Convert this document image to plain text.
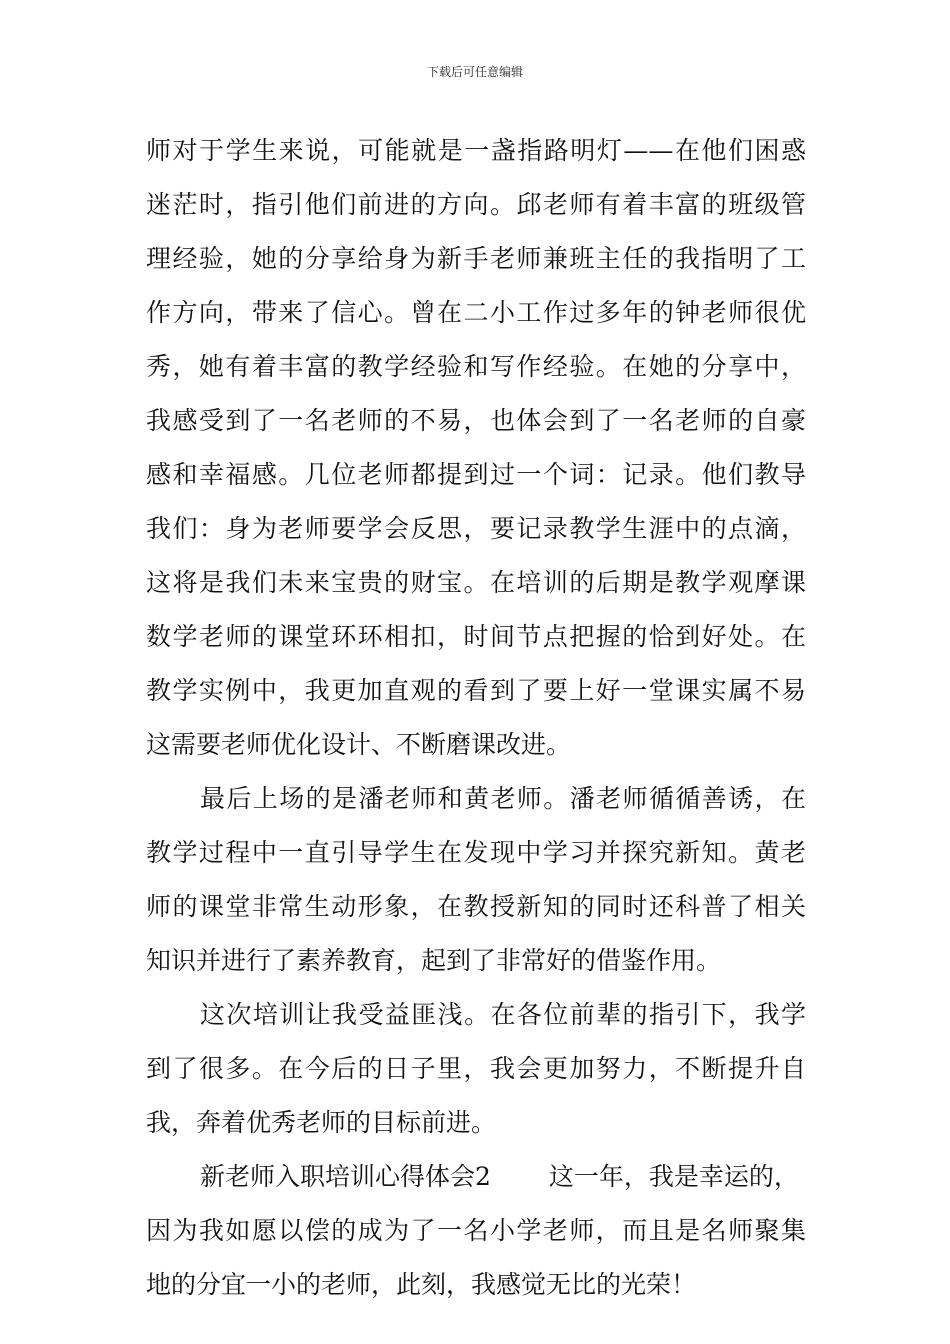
下载后可任意编辑
师对于学生来说，可能就是一盏指路明灯——在他们困惑
迷茫时，指引他们前进的方向。邱老师有着丰富的班级管
理经验，她的分享给身为新手老师兼班主任的我指明了工
作方向，带来了信心。曾在二小工作过多年的钟老师很优
秀，她有着丰富的教学经验和写作经验。在她的分享中，
我感受到了一名老师的不易，也体会到了一名老师的自豪
感和幸福感。几位老师都提到过一个词：记录。他们教导
我们：身为老师要学会反思，要记录教学生涯中的点滴，
这将是我们未来宝贵的财宝。在培训的后期是教学观摩课
数学老师的课堂环环相扣，时间节点把握的恰到好处。在
教学实例中，我更加直观的看到了要上好一堂课实属不易
这需要老师优化设计、不断磨课改进。
最后上场的是潘老师和黄老师。潘老师循循善诱，在
教学过程中一直引导学生在发现中学习并探究新知。黄老
师的课堂非常生动形象，在教授新知的同时还科普了相关
知识并进行了素养教育，起到了非常好的借鉴作用。
这次培训让我受益匪浅。在各位前辈的指引下，我学
到了很多。在今后的日子里，我会更加努力，不断提升自
我，奔着优秀老师的目标前进。
新老师入职培训心得体会2 这一年，我是幸运的，
因为我如愿以偿的成为了一名小学老师，而且是名师聚集
地的分宜一小的老师，此刻，我感觉无比的光荣！
